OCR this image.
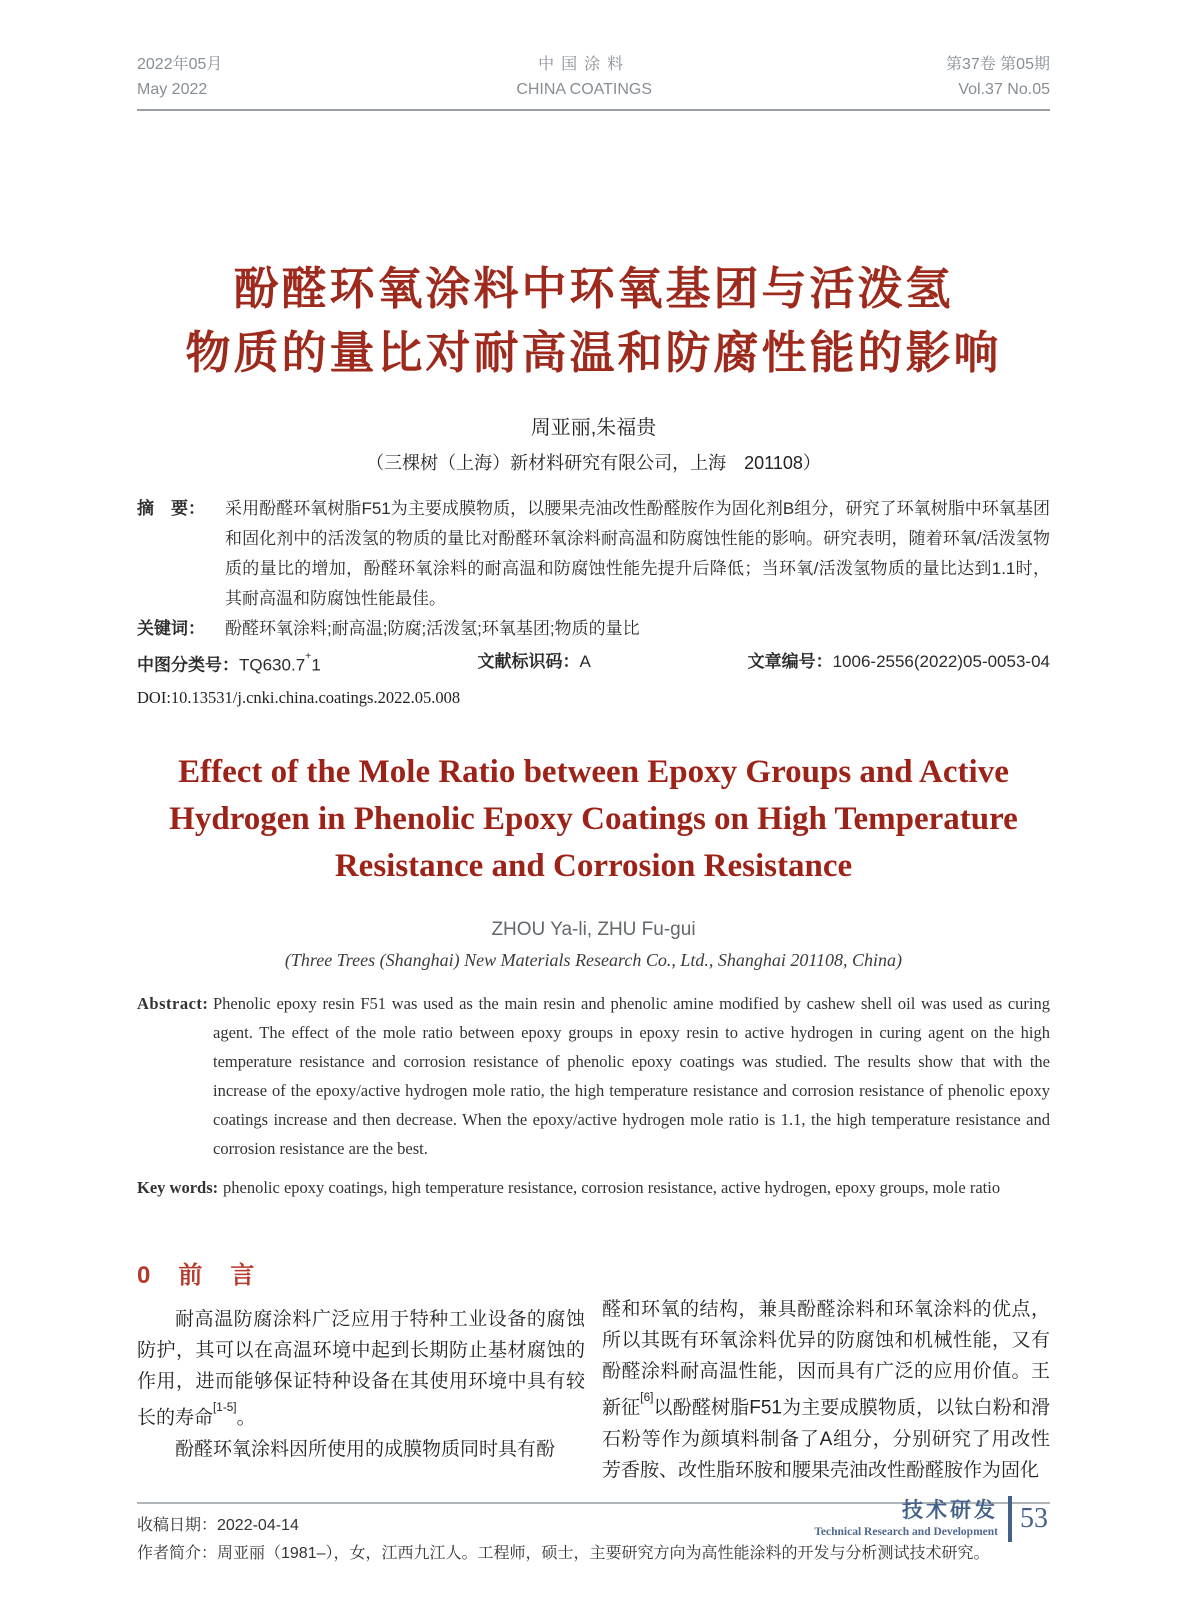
2022年05月
May 2022
中国涂料
CHINA COATINGS
第37卷 第05期
Vol.37 No.05
酚醛环氧涂料中环氧基团与活泼氢
物质的量比对耐高温和防腐性能的影响
周亚丽,朱福贵
（三棵树（上海）新材料研究有限公司，上海　201108）
摘　要： 采用酚醛环氧树脂F51为主要成膜物质，以腰果壳油改性酚醛胺作为固化剂B组分，研究了环氧树脂中环氧基团和固化剂中的活泼氢的物质的量比对酚醛环氧涂料耐高温和防腐蚀性能的影响。研究表明，随着环氧/活泼氢物质的量比的增加，酚醛环氧涂料的耐高温和防腐蚀性能先提升后降低；当环氧/活泼氢物质的量比达到1.1时，其耐高温和防腐蚀性能最佳。
关键词： 酚醛环氧涂料;耐高温;防腐;活泼氢;环氧基团;物质的量比
中图分类号：TQ630.7+1	文献标识码：A	文章编号：1006-2556(2022)05-0053-04
DOI:10.13531/j.cnki.china.coatings.2022.05.008
Effect of the Mole Ratio between Epoxy Groups and Active
Hydrogen in Phenolic Epoxy Coatings on High Temperature
Resistance and Corrosion Resistance
ZHOU Ya-li, ZHU Fu-gui
(Three Trees (Shanghai) New Materials Research Co., Ltd., Shanghai 201108, China)
Abstract: Phenolic epoxy resin F51 was used as the main resin and phenolic amine modified by cashew shell oil was used as curing agent. The effect of the mole ratio between epoxy groups in epoxy resin to active hydrogen in curing agent on the high temperature resistance and corrosion resistance of phenolic epoxy coatings was studied. The results show that with the increase of the epoxy/active hydrogen mole ratio, the high temperature resistance and corrosion resistance of phenolic epoxy coatings increase and then decrease. When the epoxy/active hydrogen mole ratio is 1.1, the high temperature resistance and corrosion resistance are the best.
Key words: phenolic epoxy coatings, high temperature resistance, corrosion resistance, active hydrogen, epoxy groups, mole ratio
0　前　言

耐高温防腐涂料广泛应用于特种工业设备的腐蚀防护，其可以在高温环境中起到长期防止基材腐蚀的作用，进而能够保证特种设备在其使用环境中具有较长的寿命[1-5]。

酚醛环氧涂料因所使用的成膜物质同时具有酚

醛和环氧的结构，兼具酚醛涂料和环氧涂料的优点，所以其既有环氧涂料优异的防腐蚀和机械性能，又有酚醛涂料耐高温性能，因而具有广泛的应用价值。王新征[6]以酚醛树脂F51为主要成膜物质，以钛白粉和滑石粉等作为颜填料制备了A组分，分别研究了用改性芳香胺、改性脂环胺和腰果壳油改性酚醛胺作为固化

收稿日期：2022-04-14
作者简介：周亚丽（1981–），女，江西九江人。工程师，硕士，主要研究方向为高性能涂料的开发与分析测试技术研究。
技术研发
Technical Research and Development 53
